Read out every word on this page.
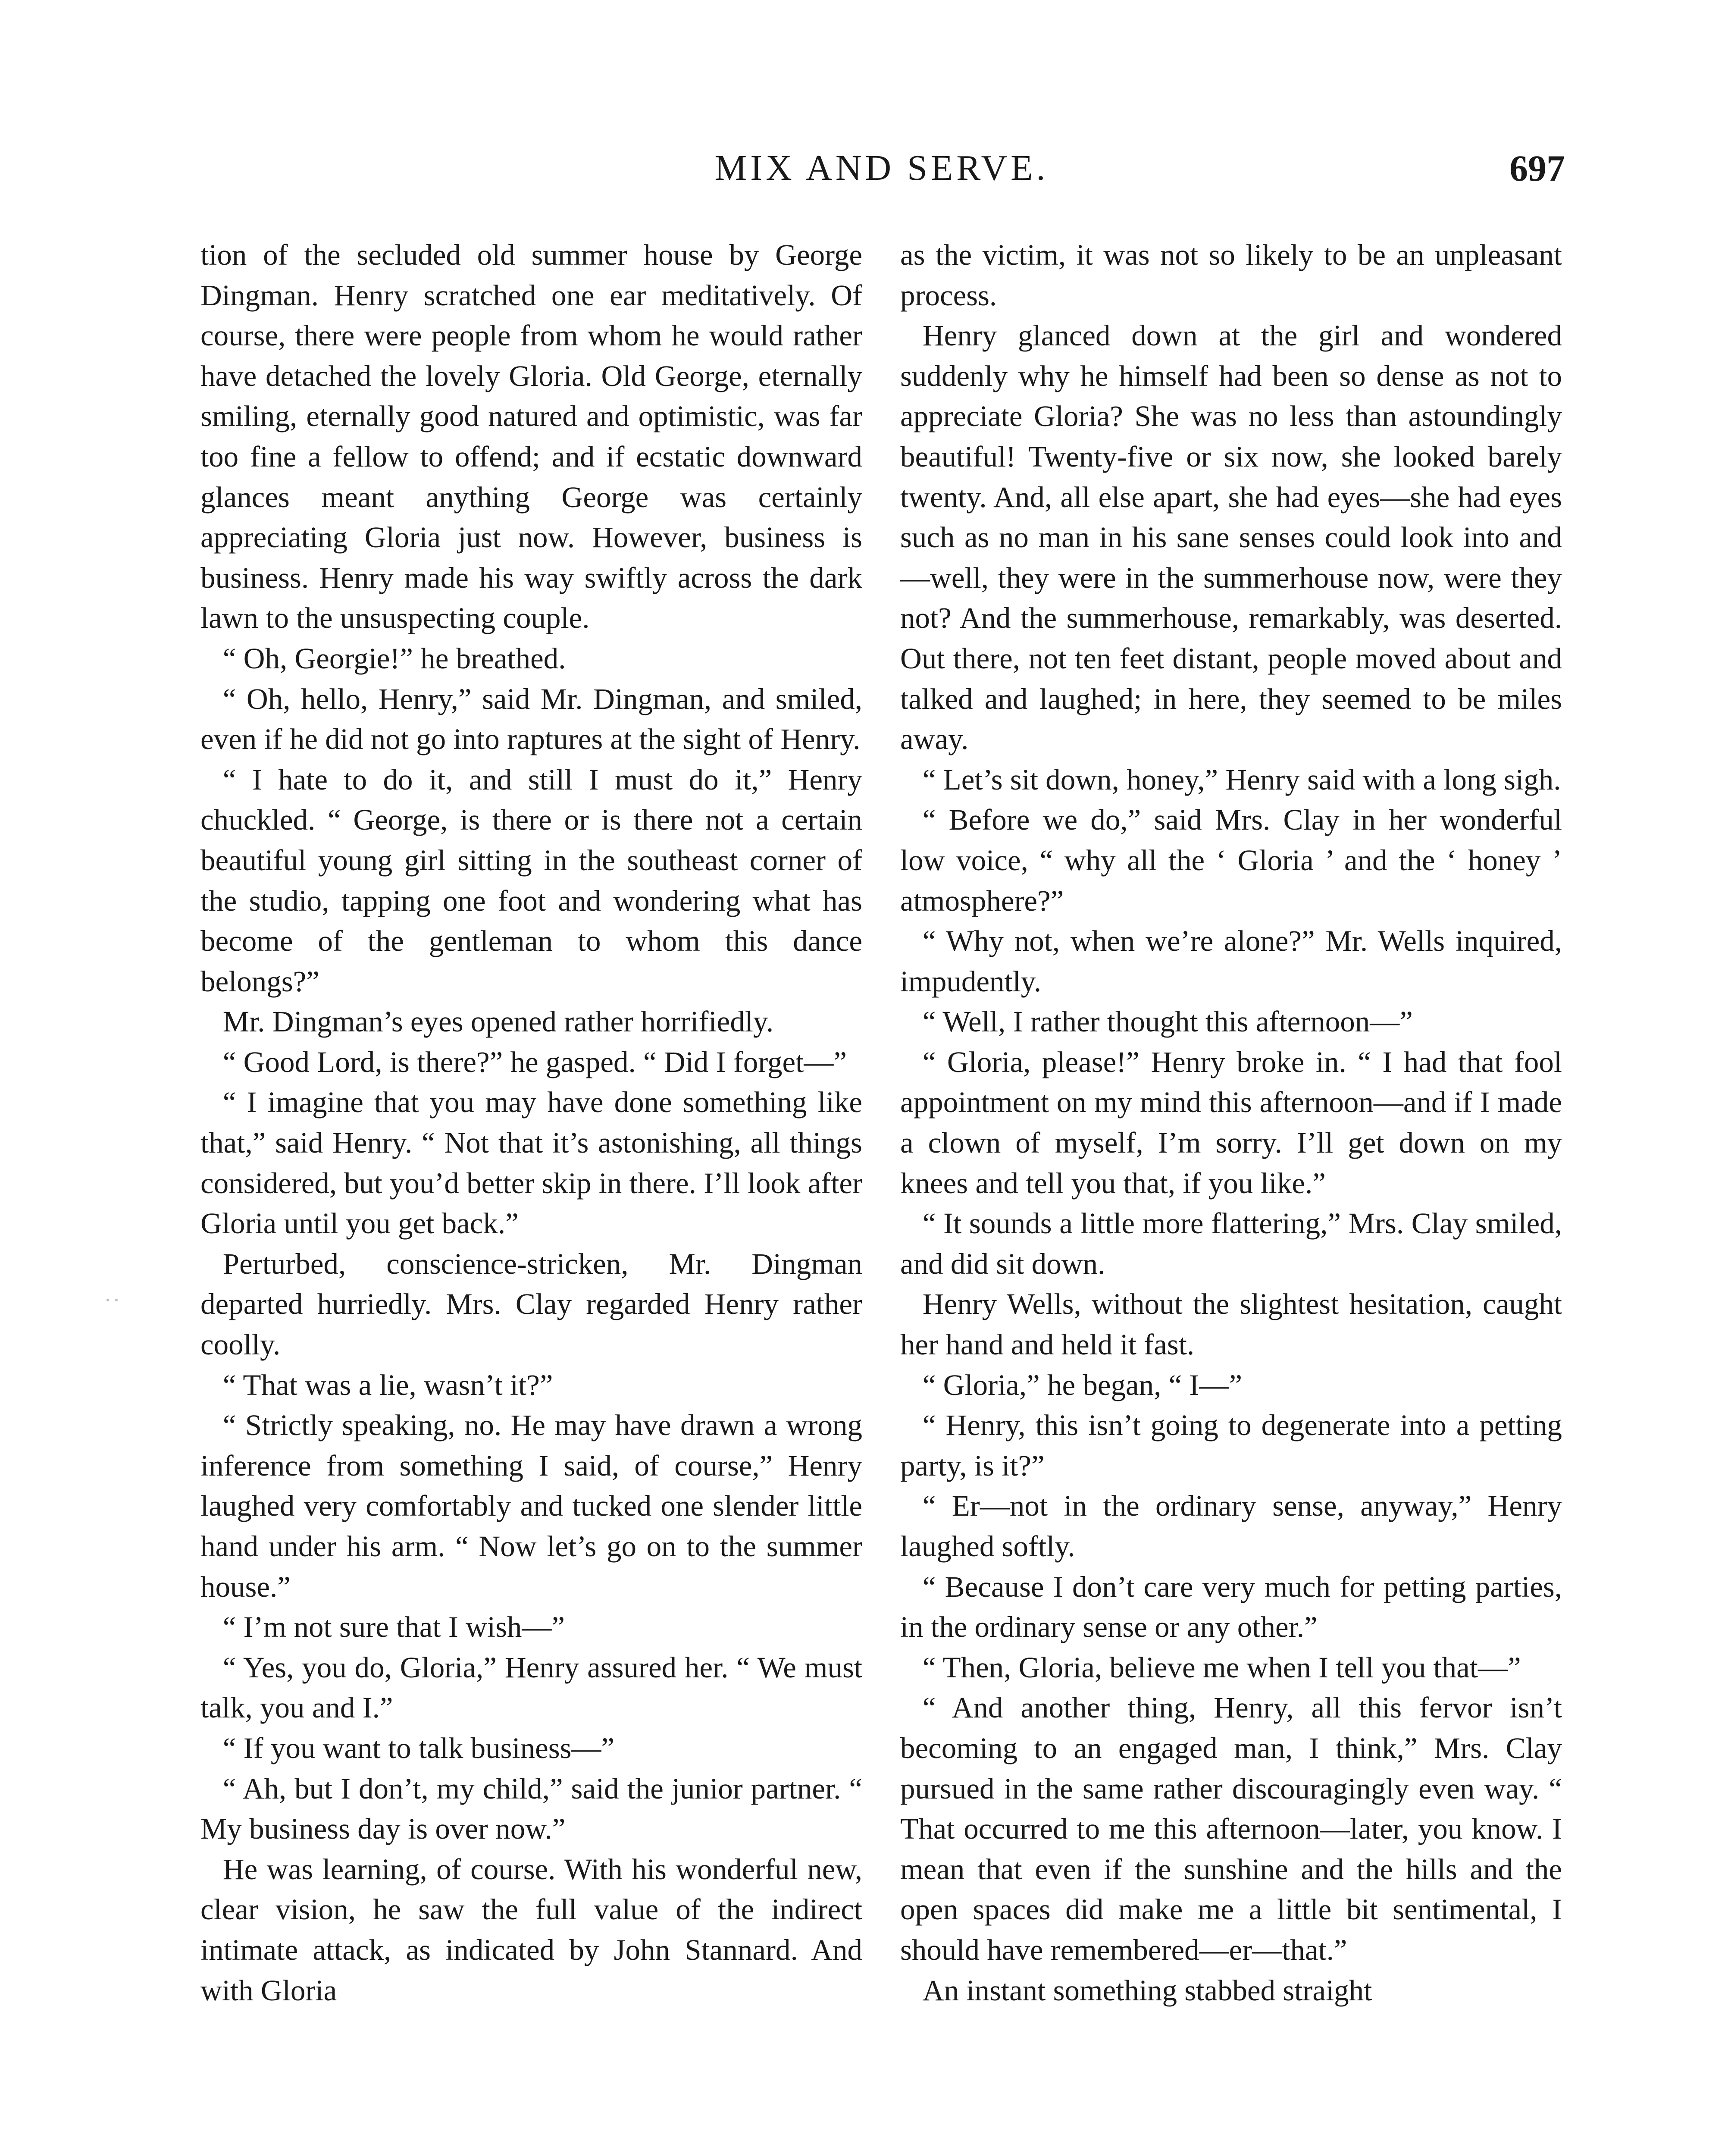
MIX AND SERVE.	697

tion of the secluded old summer house by George Dingman. Henry scratched one ear meditatively. Of course, there were people from whom he would rather have detached the lovely Gloria. Old George, eternally smiling, eternally good natured and optimistic, was far too fine a fellow to offend; and if ecstatic downward glances meant anything George was certainly appreciating Gloria just now. However, business is business. Henry made his way swiftly across the dark lawn to the unsuspecting couple.

“ Oh, Georgie!” he breathed.

“ Oh, hello, Henry,” said Mr. Dingman, and smiled, even if he did not go into raptures at the sight of Henry.

“ I hate to do it, and still I must do it,” Henry chuckled. “ George, is there or is there not a certain beautiful young girl sitting in the southeast corner of the studio, tapping one foot and wondering what has become of the gentleman to whom this dance belongs?”

Mr. Dingman’s eyes opened rather horrifiedly.

“ Good Lord, is there?” he gasped. “ Did I forget—”

“ I imagine that you may have done something like that,” said Henry. “ Not that it’s astonishing, all things considered, but you’d better skip in there. I’ll look after Gloria until you get back.”

Perturbed, conscience-stricken, Mr. Dingman departed hurriedly. Mrs. Clay regarded Henry rather coolly.

“ That was a lie, wasn’t it?”

“ Strictly speaking, no. He may have drawn a wrong inference from something I said, of course,” Henry laughed very comfortably and tucked one slender little hand under his arm. “ Now let’s go on to the summer house.”

“ I’m not sure that I wish—”

“ Yes, you do, Gloria,” Henry assured her. “ We must talk, you and I.”

“ If you want to talk business—”

“ Ah, but I don’t, my child,” said the junior partner. “ My business day is over now.”

He was learning, of course. With his wonderful new, clear vision, he saw the full value of the indirect intimate attack, as indicated by John Stannard. And with Gloria

as the victim, it was not so likely to be an unpleasant process.

Henry glanced down at the girl and wondered suddenly why he himself had been so dense as not to appreciate Gloria? She was no less than astoundingly beautiful! Twenty-five or six now, she looked barely twenty. And, all else apart, she had eyes—she had eyes such as no man in his sane senses could look into and—well, they were in the summerhouse now, were they not? And the summerhouse, remarkably, was deserted. Out there, not ten feet distant, people moved about and talked and laughed; in here, they seemed to be miles away.

“ Let’s sit down, honey,” Henry said with a long sigh.

“ Before we do,” said Mrs. Clay in her wonderful low voice, “ why all the ‘ Gloria ’ and the ‘ honey ’ atmosphere?”

“ Why not, when we’re alone?” Mr. Wells inquired, impudently.

“ Well, I rather thought this afternoon—”

“ Gloria, please!” Henry broke in. “ I had that fool appointment on my mind this afternoon—and if I made a clown of myself, I’m sorry. I’ll get down on my knees and tell you that, if you like.”

“ It sounds a little more flattering,” Mrs. Clay smiled, and did sit down.

Henry Wells, without the slightest hesitation, caught her hand and held it fast.

“ Gloria,” he began, “ I—”

“ Henry, this isn’t going to degenerate into a petting party, is it?”

“ Er—not in the ordinary sense, anyway,” Henry laughed softly.

“ Because I don’t care very much for petting parties, in the ordinary sense or any other.”

“ Then, Gloria, believe me when I tell you that—”

“ And another thing, Henry, all this fervor isn’t becoming to an engaged man, I think,” Mrs. Clay pursued in the same rather discouragingly even way. “ That occurred to me this afternoon—later, you know. I mean that even if the sunshine and the hills and the open spaces did make me a little bit sentimental, I should have remembered—er—that.”

An instant something stabbed straight
